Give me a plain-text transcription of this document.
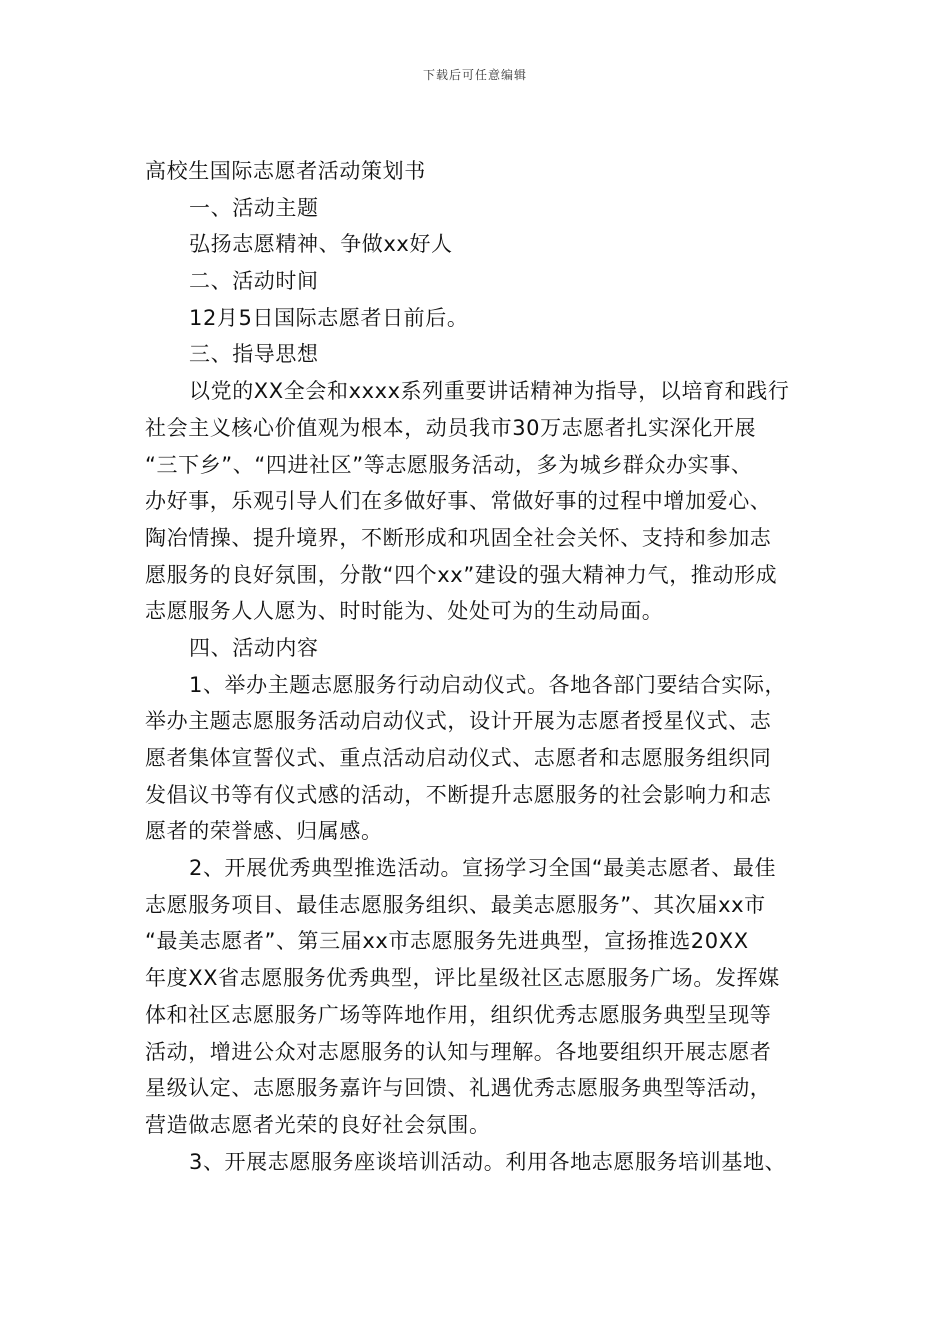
下载后可任意编辑
高校生国际志愿者活动策划书
一、活动主题
弘扬志愿精神、争做xx好人
二、活动时间
12月5日国际志愿者日前后。
三、指导思想
以党的XX全会和xxxx系列重要讲话精神为指导，以培育和践行
社会主义核心价值观为根本，动员我市30万志愿者扎实深化开展
“三下乡”、“四进社区”等志愿服务活动，多为城乡群众办实事、
办好事，乐观引导人们在多做好事、常做好事的过程中增加爱心、
陶冶情操、提升境界，不断形成和巩固全社会关怀、支持和参加志
愿服务的良好氛围，分散“四个xx”建设的强大精神力气，推动形成
志愿服务人人愿为、时时能为、处处可为的生动局面。
四、活动内容
1、举办主题志愿服务行动启动仪式。各地各部门要结合实际，
举办主题志愿服务活动启动仪式，设计开展为志愿者授星仪式、志
愿者集体宣誓仪式、重点活动启动仪式、志愿者和志愿服务组织同
发倡议书等有仪式感的活动，不断提升志愿服务的社会影响力和志
愿者的荣誉感、归属感。
2、开展优秀典型推选活动。宣扬学习全国“最美志愿者、最佳
志愿服务项目、最佳志愿服务组织、最美志愿服务”、其次届xx市
“最美志愿者”、第三届xx市志愿服务先进典型，宣扬推选20XX
年度XX省志愿服务优秀典型，评比星级社区志愿服务广场。发挥媒
体和社区志愿服务广场等阵地作用，组织优秀志愿服务典型呈现等
活动，增进公众对志愿服务的认知与理解。各地要组织开展志愿者
星级认定、志愿服务嘉许与回馈、礼遇优秀志愿服务典型等活动，
营造做志愿者光荣的良好社会氛围。
3、开展志愿服务座谈培训活动。利用各地志愿服务培训基地、
